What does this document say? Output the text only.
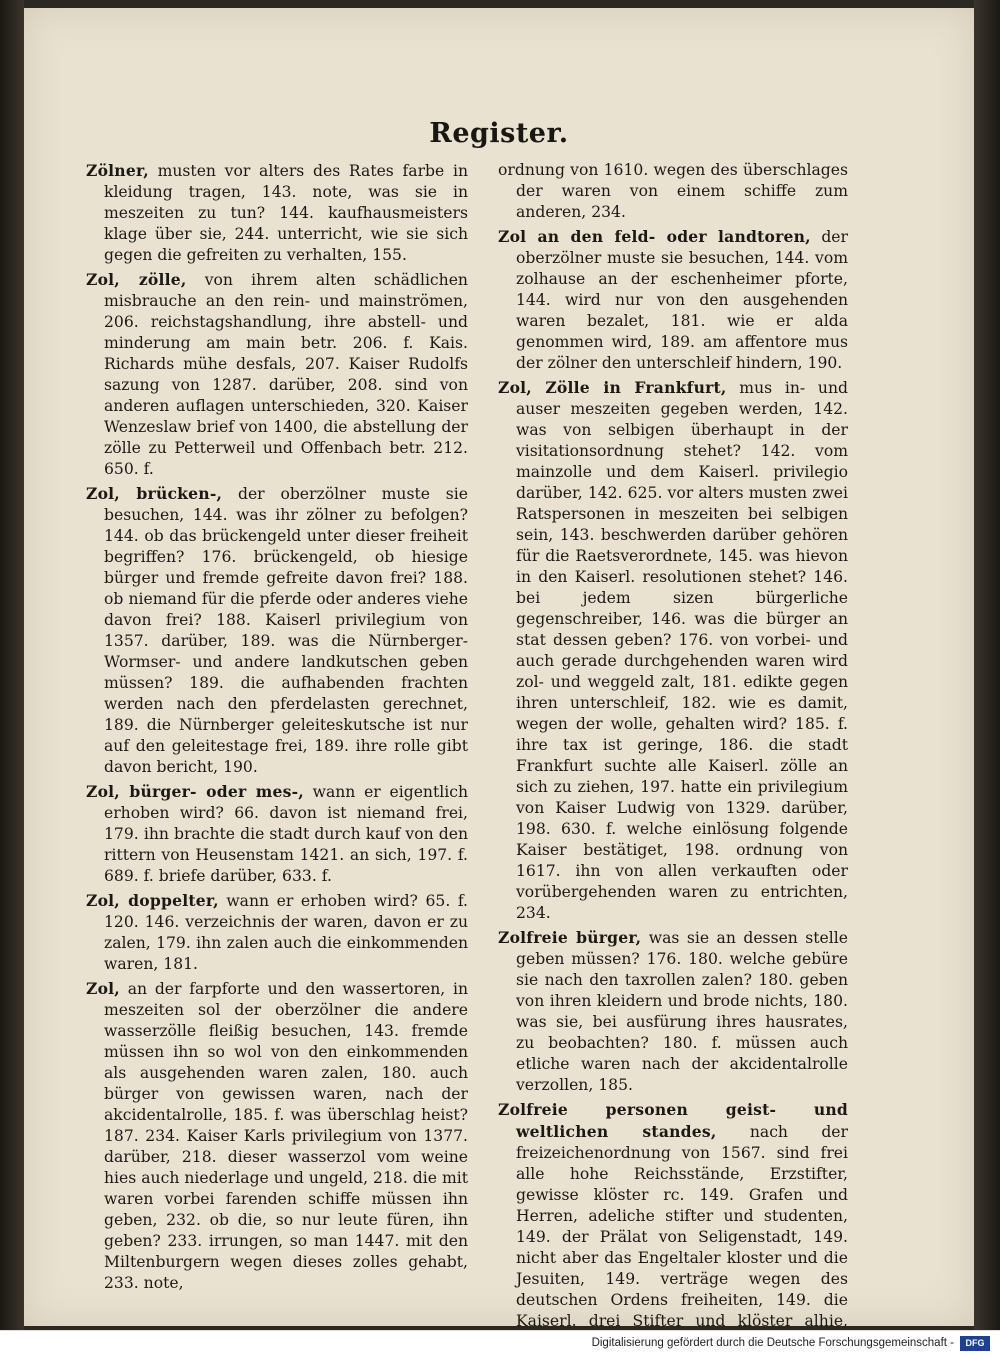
Register.

Zölner, musten vor alters des Rates farbe in kleidung tragen, 143. note, was sie in meszeiten zu tun? 144. kaufhausmeisters klage über sie, 244. unterricht, wie sie sich gegen die gefreiten zu verhalten, 155.

Zol, zölle, von ihrem alten schädlichen misbrauche an den rein- und mainströmen, 206. reichstagshandlung, ihre abstell- und minderung am main betr. 206. f. Kais. Richards mühe desfals, 207. Kaiser Rudolfs sazung von 1287. darüber, 208. sind von anderen auflagen unterschieden, 320. Kaiser Wenzeslaw brief von 1400, die abstellung der zölle zu Petterweil und Offenbach betr. 212. 650. f.

Zol, brücken-, der oberzölner muste sie besuchen, 144. was ihr zölner zu befolgen? 144. ob das brückengeld unter dieser freiheit begriffen? 176. brückengeld, ob hiesige bürger und fremde gefreite davon frei? 188. ob niemand für die pferde oder anderes viehe davon frei? 188. Kaiserl privilegium von 1357. darüber, 189. was die Nürnberger- Wormser- und andere landkutschen geben müssen? 189. die aufhabenden frachten werden nach den pferdelasten gerechnet, 189. die Nürnberger geleiteskutsche ist nur auf den geleitestage frei, 189. ihre rolle gibt davon bericht, 190.

Zol, bürger- oder mes-, wann er eigentlich erhoben wird? 66. davon ist niemand frei, 179. ihn brachte die stadt durch kauf von den rittern von Heusenstam 1421. an sich, 197. f. 689. f. briefe darüber, 633. f.

Zol, doppelter, wann er erhoben wird? 65. f. 120. 146. verzeichnis der waren, davon er zu zalen, 179. ihn zalen auch die einkommenden waren, 181.

Zol, an der farpforte und den wassertoren, in meszeiten sol der oberzölner die andere wasserzölle fleißig besuchen, 143. fremde müssen ihn so wol von den einkommenden als ausgehenden waren zalen, 180. auch bürger von gewissen waren, nach der akcidentalrolle, 185. f. was überschlag heist? 187. 234. Kaiser Karls privilegium von 1377. darüber, 218. dieser wasserzol vom weine hies auch niederlage und ungeld, 218. die mit waren vorbei farenden schiffe müssen ihn geben, 232. ob die, so nur leute füren, ihn geben? 233. irrungen, so man 1447. mit den Miltenburgern wegen dieses zolles gehabt, 233. note,

ordnung von 1610. wegen des überschlages der waren von einem schiffe zum anderen, 234.

Zol an den feld- oder landtoren, der oberzölner muste sie besuchen, 144. vom zolhause an der eschenheimer pforte, 144. wird nur von den ausgehenden waren bezalet, 181. wie er alda genommen wird, 189. am affentore mus der zölner den unterschleif hindern, 190.

Zol, Zölle in Frankfurt, mus in- und auser meszeiten gegeben werden, 142. was von selbigen überhaupt in der visitationsordnung stehet? 142. vom mainzolle und dem Kaiserl. privilegio darüber, 142. 625. vor alters musten zwei Ratspersonen in meszeiten bei selbigen sein, 143. beschwerden darüber gehören für die Raetsverordnete, 145. was hievon in den Kaiserl. resolutionen stehet? 146. bei jedem sizen bürgerliche gegenschreiber, 146. was die bürger an stat dessen geben? 176. von vorbei- und auch gerade durchgehenden waren wird zol- und weggeld zalt, 181. edikte gegen ihren unterschleif, 182. wie es damit, wegen der wolle, gehalten wird? 185. f. ihre tax ist geringe, 186. die stadt Frankfurt suchte alle Kaiserl. zölle an sich zu ziehen, 197. hatte ein privilegium von Kaiser Ludwig von 1329. darüber, 198. 630. f. welche einlösung folgende Kaiser bestätiget, 198. ordnung von 1617. ihn von allen verkauften oder vorübergehenden waren zu entrichten, 234.

Zolfreie bürger, was sie an dessen stelle geben müssen? 176. 180. welche gebüre sie nach den taxrollen zalen? 180. geben von ihren kleidern und brode nichts, 180. was sie, bei ausfürung ihres hausrates, zu beobachten? 180. f. müssen auch etliche waren nach der akcidentalrolle verzollen, 185.

Zolfreie personen geist- und weltlichen standes, nach der freizeichenordnung von 1567. sind frei alle hohe Reichsstände, Erzstifter, gewisse klöster rc. 149. Grafen und Herren, adeliche stifter und studenten, 149. der Prälat von Seligenstadt, 149. nicht aber das Engeltaler kloster und die Jesuiten, 149. verträge wegen des deutschen Ordens freiheiten, 149. die Kaiserl. drei Stifter und klöster alhie,

Digitalisierung gefördert durch die Deutsche Forschungsgemeinschaft -	DFG
